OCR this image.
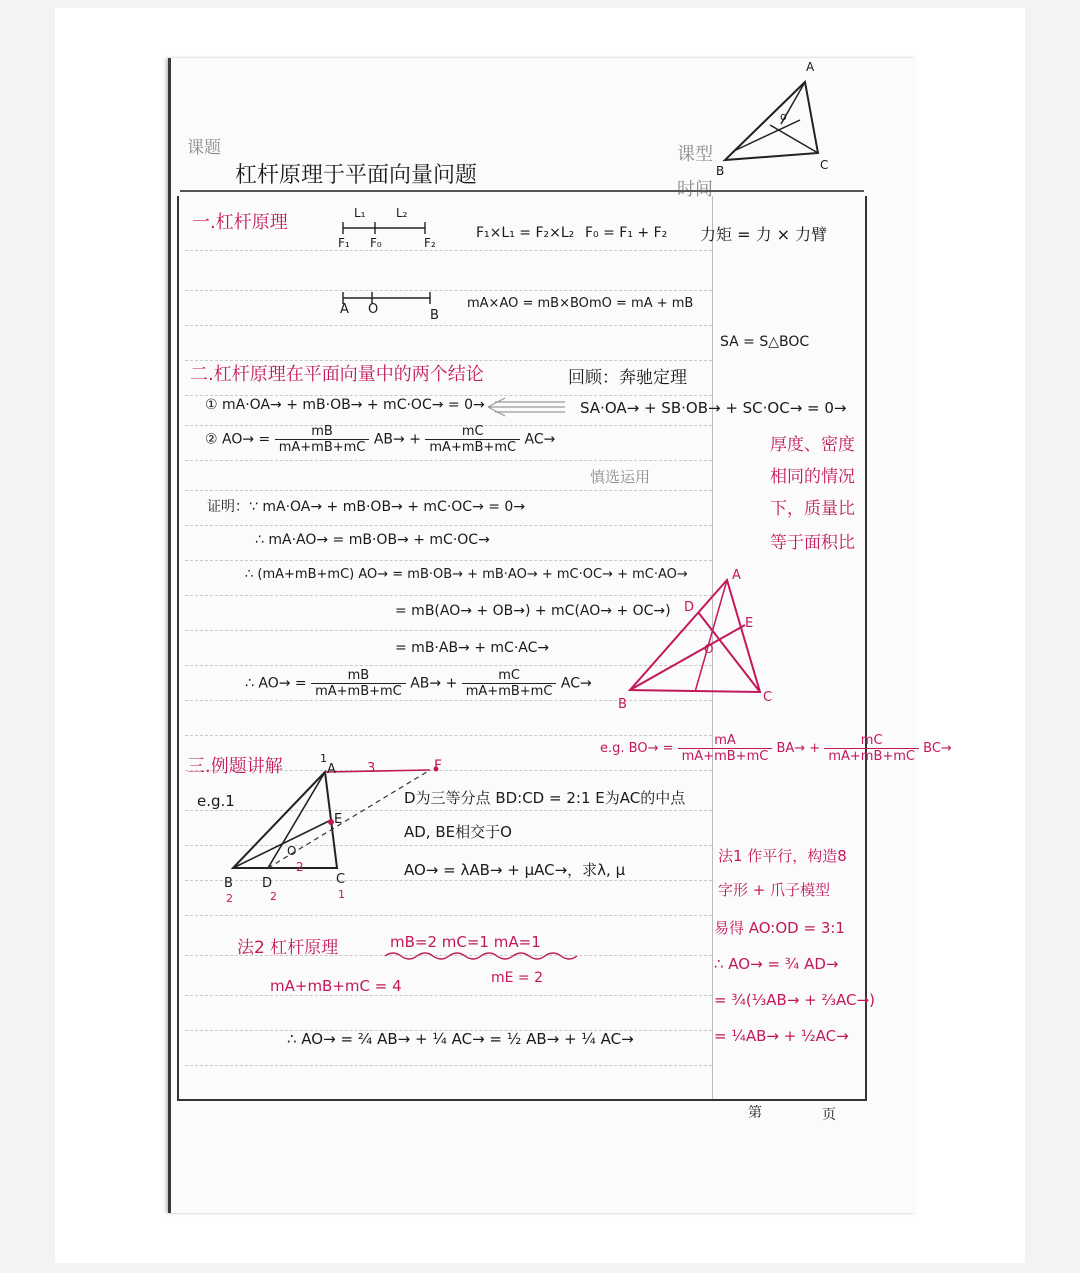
课题
杠杆原理于平面向量问题
课型
时间
A
B	C
o
一.杠杆原理	L₁	L₂
F₁ F₀	F₂
F₁×L₁ = F₂×L₂ F₀ = F₁ + F₂ 力矩 = 力 × 力臂
A O	B
mA×AO = mB×BO mO = mA + mB
SA = S△BOC
二.杠杆原理在平面向量中的两个结论	回顾：奔驰定理
① mA·OA→ + mB·OB→ + mC·OC→ = 0→	SA·OA→ + SB·OB→ + SC·OC→ = 0→
② $AO\to = \frac{mB}{mA+mB+mC} AB\to + \frac{mC}{mA+mB+mC} AC\to$
慎选运用
厚度、密度
相同的情况
下，质量比
等于面积比
证明：∵ mA·OA→ + mB·OB→ + mC·OC→ = 0→
∴ mA·AO→ = mB·OB→ + mC·OC→
∴ (mA+mB+mC) AO→ = mB·OB→ + mB·AO→ + mC·OC→ + mC·AO→
= mB(AO→ + OB→) + mC(AO→ + OC→)
= mB·AB→ + mC·AC→
∴ $AO\to = \frac{mB}{mA+mB+mC} AB\to + \frac{mC}{mA+mB+mC} AC\to$
A
B	C
D
E
O
e.g. $BO\to = \frac{mA}{mA+mB+mC} BA\to + \frac{mC}{mA+mB+mC} BC\to$
三.例题讲解
e.g.1
A
B	C
D
E
O
F
1
2
3
2	1
2
D为三等分点 BD:CD = 2:1 E为AC的中点
AD, BE相交于O
AO→ = λAB→ + μAC→，求λ, μ
法2 杠杆原理	mB=2 mC=1 mA=1
mE = 2
mA+mB+mC = 4
∴ AO→ = ²⁄₄ AB→ + ¼ AC→ = ½ AB→ + ¼ AC→
法1 作平行，构造8
字形 + 爪子模型
易得 AO:OD = 3:1
∴ AO→ = ¾ AD→
= ¾(⅓AB→ + ⅔AC→)
= ¼AB→ + ½AC→
第	页
